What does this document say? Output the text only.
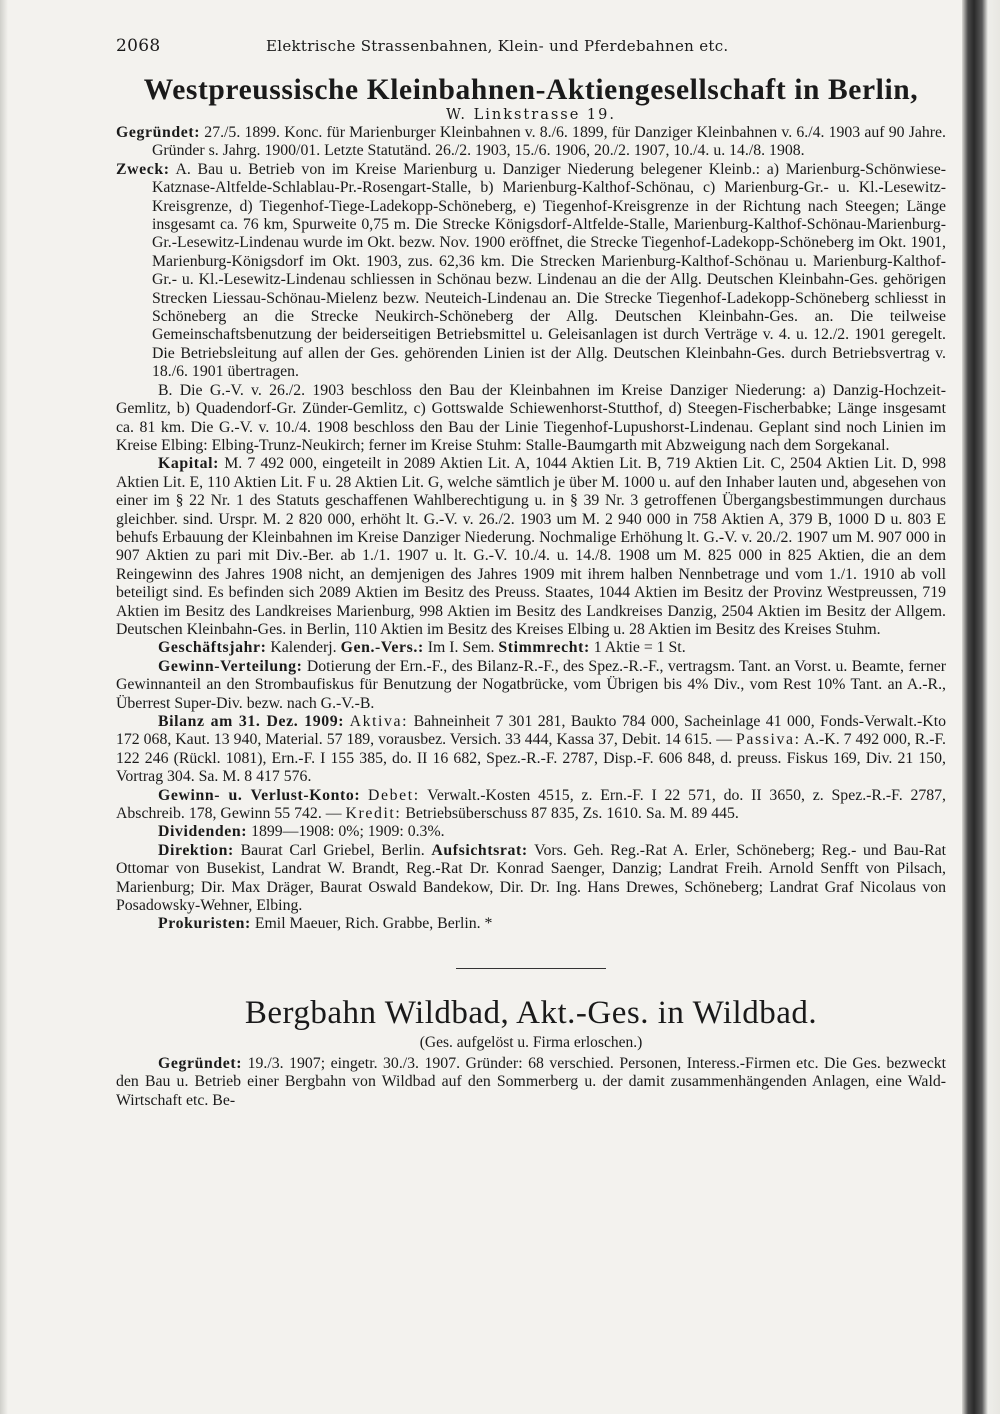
2068	Elektrische Strassenbahnen, Klein- und Pferdebahnen etc.
Westpreussische Kleinbahnen-Aktiengesellschaft in Berlin,
W. Linkstrasse 19.

Gegründet: 27./5. 1899. Konc. für Marienburger Kleinbahnen v. 8./6. 1899, für Danziger Kleinbahnen v. 6./4. 1903 auf 90 Jahre. Gründer s. Jahrg. 1900/01. Letzte Statutänd. 26./2. 1903, 15./6. 1906, 20./2. 1907, 10./4. u. 14./8. 1908.

Zweck: A. Bau u. Betrieb von im Kreise Marienburg u. Danziger Niederung belegener Kleinb.: a) Marienburg-Schönwiese-Katznase-Altfelde-Schlablau-Pr.-Rosengart-Stalle, b) Marienburg-Kalthof-Schönau, c) Marienburg-Gr.- u. Kl.-Lesewitz-Kreisgrenze, d) Tiegenhof-Tiege-Ladekopp-Schöneberg, e) Tiegenhof-Kreisgrenze in der Richtung nach Steegen; Länge insgesamt ca. 76 km, Spurweite 0,75 m. Die Strecke Königsdorf-Altfelde-Stalle, Marienburg-Kalthof-Schönau-Marienburg-Gr.-Lesewitz-Lindenau wurde im Okt. bezw. Nov. 1900 eröffnet, die Strecke Tiegenhof-Ladekopp-Schöneberg im Okt. 1901, Marienburg-Königsdorf im Okt. 1903, zus. 62,36 km. Die Strecken Marienburg-Kalthof-Schönau u. Marienburg-Kalthof-Gr.- u. Kl.-Lesewitz-Lindenau schliessen in Schönau bezw. Lindenau an die der Allg. Deutschen Kleinbahn-Ges. gehörigen Strecken Liessau-Schönau-Mielenz bezw. Neuteich-Lindenau an. Die Strecke Tiegenhof-Ladekopp-Schöneberg schliesst in Schöneberg an die Strecke Neukirch-Schöneberg der Allg. Deutschen Kleinbahn-Ges. an. Die teilweise Gemeinschaftsbenutzung der beiderseitigen Betriebsmittel u. Geleisanlagen ist durch Verträge v. 4. u. 12./2. 1901 geregelt. Die Betriebsleitung auf allen der Ges. gehörenden Linien ist der Allg. Deutschen Kleinbahn-Ges. durch Betriebsvertrag v. 18./6. 1901 übertragen.

B. Die G.-V. v. 26./2. 1903 beschloss den Bau der Kleinbahnen im Kreise Danziger Niederung: a) Danzig-Hochzeit-Gemlitz, b) Quadendorf-Gr. Zünder-Gemlitz, c) Gottswalde Schiewenhorst-Stutthof, d) Steegen-Fischerbabke; Länge insgesamt ca. 81 km. Die G.-V. v. 10./4. 1908 beschloss den Bau der Linie Tiegenhof-Lupushorst-Lindenau. Geplant sind noch Linien im Kreise Elbing: Elbing-Trunz-Neukirch; ferner im Kreise Stuhm: Stalle-Baumgarth mit Abzweigung nach dem Sorgekanal.

Kapital: M. 7 492 000, eingeteilt in 2089 Aktien Lit. A, 1044 Aktien Lit. B, 719 Aktien Lit. C, 2504 Aktien Lit. D, 998 Aktien Lit. E, 110 Aktien Lit. F u. 28 Aktien Lit. G, welche sämtlich je über M. 1000 u. auf den Inhaber lauten und, abgesehen von einer im § 22 Nr. 1 des Statuts geschaffenen Wahlberechtigung u. in § 39 Nr. 3 getroffenen Übergangsbestimmungen durchaus gleichber. sind. Urspr. M. 2 820 000, erhöht lt. G.-V. v. 26./2. 1903 um M. 2 940 000 in 758 Aktien A, 379 B, 1000 D u. 803 E behufs Erbauung der Kleinbahnen im Kreise Danziger Niederung. Nochmalige Erhöhung lt. G.-V. v. 20./2. 1907 um M. 907 000 in 907 Aktien zu pari mit Div.-Ber. ab 1./1. 1907 u. lt. G.-V. 10./4. u. 14./8. 1908 um M. 825 000 in 825 Aktien, die an dem Reingewinn des Jahres 1908 nicht, an demjenigen des Jahres 1909 mit ihrem halben Nennbetrage und vom 1./1. 1910 ab voll beteiligt sind. Es befinden sich 2089 Aktien im Besitz des Preuss. Staates, 1044 Aktien im Besitz der Provinz Westpreussen, 719 Aktien im Besitz des Landkreises Marienburg, 998 Aktien im Besitz des Landkreises Danzig, 2504 Aktien im Besitz der Allgem. Deutschen Kleinbahn-Ges. in Berlin, 110 Aktien im Besitz des Kreises Elbing u. 28 Aktien im Besitz des Kreises Stuhm.

Geschäftsjahr: Kalenderj. Gen.-Vers.: Im I. Sem. Stimmrecht: 1 Aktie = 1 St.

Gewinn-Verteilung: Dotierung der Ern.-F., des Bilanz-R.-F., des Spez.-R.-F., vertragsm. Tant. an Vorst. u. Beamte, ferner Gewinnanteil an den Strombaufiskus für Benutzung der Nogatbrücke, vom Übrigen bis 4% Div., vom Rest 10% Tant. an A.-R., Überrest Super-Div. bezw. nach G.-V.-B.

Bilanz am 31. Dez. 1909: Aktiva: Bahneinheit 7 301 281, Baukto 784 000, Sacheinlage 41 000, Fonds-Verwalt.-Kto 172 068, Kaut. 13 940, Material. 57 189, vorausbez. Versich. 33 444, Kassa 37, Debit. 14 615. — Passiva: A.-K. 7 492 000, R.-F. 122 246 (Rückl. 1081), Ern.-F. I 155 385, do. II 16 682, Spez.-R.-F. 2787, Disp.-F. 606 848, d. preuss. Fiskus 169, Div. 21 150, Vortrag 304. Sa. M. 8 417 576.

Gewinn- u. Verlust-Konto: Debet: Verwalt.-Kosten 4515, z. Ern.-F. I 22 571, do. II 3650, z. Spez.-R.-F. 2787, Abschreib. 178, Gewinn 55 742. — Kredit: Betriebsüberschuss 87 835, Zs. 1610. Sa. M. 89 445.

Dividenden: 1899—1908: 0%; 1909: 0.3%.

Direktion: Baurat Carl Griebel, Berlin. Aufsichtsrat: Vors. Geh. Reg.-Rat A. Erler, Schöneberg; Reg.- und Bau-Rat Ottomar von Busekist, Landrat W. Brandt, Reg.-Rat Dr. Konrad Saenger, Danzig; Landrat Freih. Arnold Senfft von Pilsach, Marienburg; Dir. Max Dräger, Baurat Oswald Bandekow, Dir. Dr. Ing. Hans Drewes, Schöneberg; Landrat Graf Nicolaus von Posadowsky-Wehner, Elbing.

Prokuristen: Emil Maeuer, Rich. Grabbe, Berlin. *

Bergbahn Wildbad, Akt.-Ges. in Wildbad.
(Ges. aufgelöst u. Firma erloschen.)

Gegründet: 19./3. 1907; eingetr. 30./3. 1907. Gründer: 68 verschied. Personen, Interess.-Firmen etc. Die Ges. bezweckt den Bau u. Betrieb einer Bergbahn von Wildbad auf den Sommerberg u. der damit zusammenhängenden Anlagen, eine Wald-Wirtschaft etc. Be-
